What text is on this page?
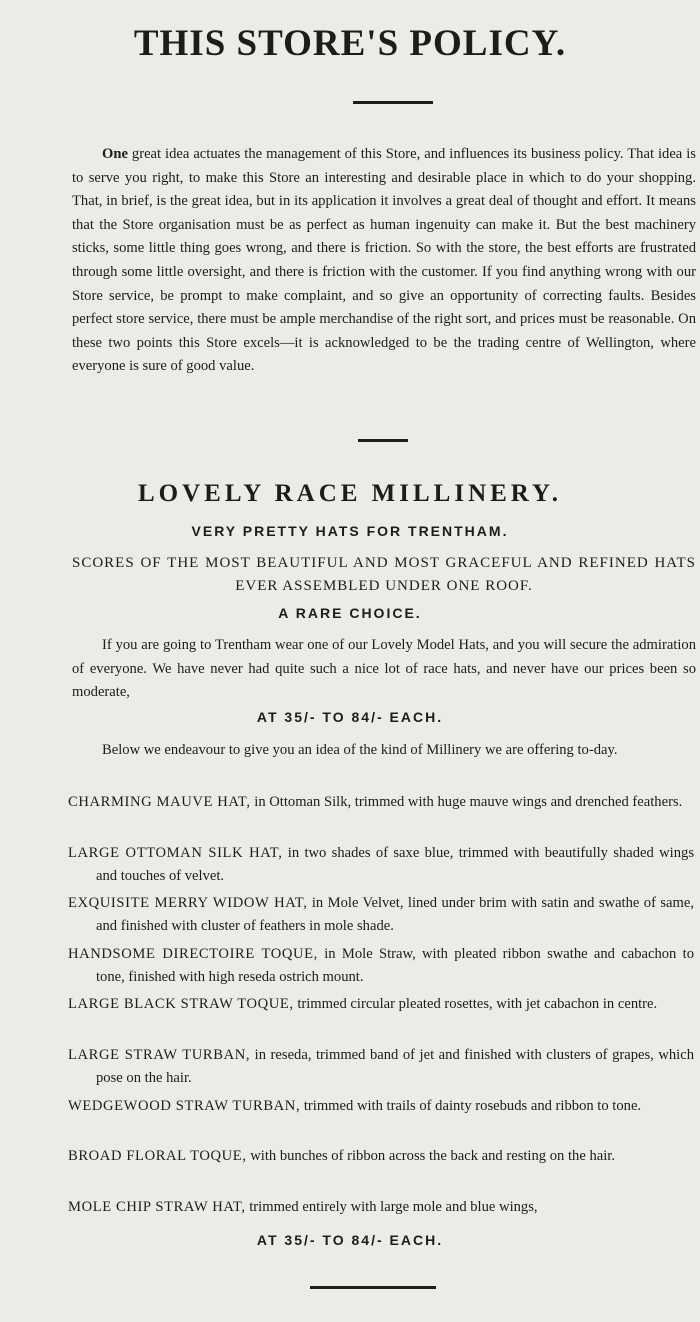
THIS STORE'S POLICY.

One great idea actuates the management of this Store, and influences its business policy. That idea is to serve you right, to make this Store an interesting and desirable place in which to do your shopping. That, in brief, is the great idea, but in its application it involves a great deal of thought and effort. It means that the Store organisation must be as perfect as human ingenuity can make it. But the best machinery sticks, some little thing goes wrong, and there is friction. So with the store, the best efforts are frustrated through some little oversight, and there is friction with the customer. If you find anything wrong with our Store service, be prompt to make complaint, and so give an opportunity of correcting faults. Besides perfect store service, there must be ample merchandise of the right sort, and prices must be reasonable. On these two points this Store excels—it is acknowledged to be the trading centre of Wellington, where everyone is sure of good value.

LOVELY RACE MILLINERY.

VERY PRETTY HATS FOR TRENTHAM.

SCORES OF THE MOST BEAUTIFUL AND MOST GRACEFUL AND REFINED HATS EVER ASSEMBLED UNDER ONE ROOF.

A RARE CHOICE.

If you are going to Trentham wear one of our Lovely Model Hats, and you will secure the admiration of everyone. We have never had quite such a nice lot of race hats, and never have our prices been so moderate,

AT 35/- TO 84/- EACH.

Below we endeavour to give you an idea of the kind of Millinery we are offering to-day.

CHARMING MAUVE HAT, in Ottoman Silk, trimmed with huge mauve wings and drenched feathers.

LARGE OTTOMAN SILK HAT, in two shades of saxe blue, trimmed with beautifully shaded wings and touches of velvet.

EXQUISITE MERRY WIDOW HAT, in Mole Velvet, lined under brim with satin and swathe of same, and finished with cluster of feathers in mole shade.

HANDSOME DIRECTOIRE TOQUE, in Mole Straw, with pleated ribbon swathe and cabachon to tone, finished with high reseda ostrich mount.

LARGE BLACK STRAW TOQUE, trimmed circular pleated rosettes, with jet cabachon in centre.

LARGE STRAW TURBAN, in reseda, trimmed band of jet and finished with clusters of grapes, which pose on the hair.

WEDGEWOOD STRAW TURBAN, trimmed with trails of dainty rosebuds and ribbon to tone.

BROAD FLORAL TOQUE, with bunches of ribbon across the back and resting on the hair.

MOLE CHIP STRAW HAT, trimmed entirely with large mole and blue wings,

AT 35/- TO 84/- EACH.
